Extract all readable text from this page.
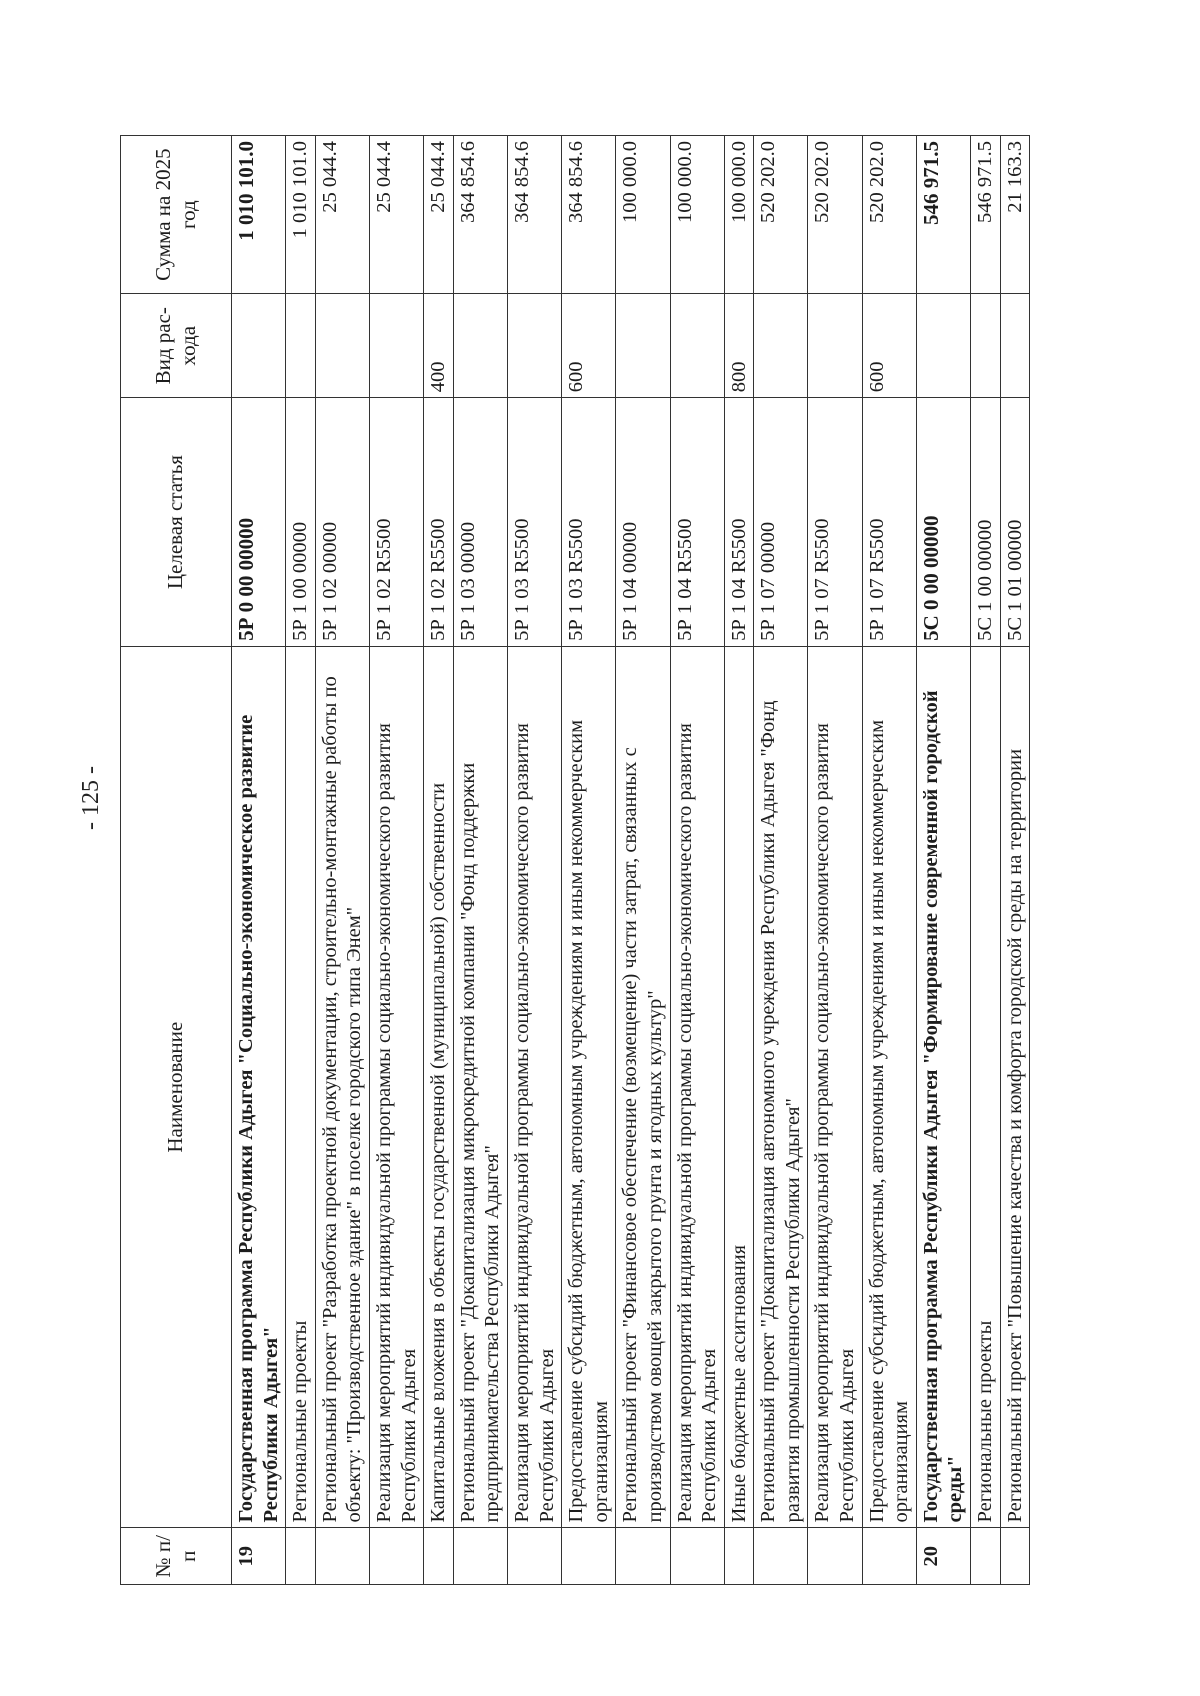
- 125 -
№ п/п	Наименование	Целевая статья	Вид рас-хода	Сумма на 2025 год
19	Государственная программа Республики Адыгея "Социально-экономическое развитие Республики Адыгея"	5Р 0 00 00000		1 010 101.0
	Региональные проекты	5Р 1 00 00000		1 010 101.0
	Региональный проект "Разработка проектной документации, строительно-монтажные работы по объекту: "Производственное здание" в поселке городского типа Энем"	5Р 1 02 00000		25 044.4
	Реализация мероприятий индивидуальной программы социально-экономического развития Республики Адыгея	5Р 1 02 R5500		25 044.4
	Капитальные вложения в объекты государственной (муниципальной) собственности	5Р 1 02 R5500	400	25 044.4
	Региональный проект "Докапитализация микрокредитной компании "Фонд поддержки предпринимательства Республики Адыгея"	5Р 1 03 00000		364 854.6
	Реализация мероприятий индивидуальной программы социально-экономического развития Республики Адыгея	5Р 1 03 R5500		364 854.6
	Предоставление субсидий бюджетным, автономным учреждениям и иным некоммерческим организациям	5Р 1 03 R5500	600	364 854.6
	Региональный проект "Финансовое обеспечение (возмещение) части затрат, связанных с производством овощей закрытого грунта и ягодных культур"	5Р 1 04 00000		100 000.0
	Реализация мероприятий индивидуальной программы социально-экономического развития Республики Адыгея	5Р 1 04 R5500		100 000.0
	Иные бюджетные ассигнования	5Р 1 04 R5500	800	100 000.0
	Региональный проект "Докапитализация автономного учреждения Республики Адыгея "Фонд развития промышленности Республики Адыгея"	5Р 1 07 00000		520 202.0
	Реализация мероприятий индивидуальной программы социально-экономического развития Республики Адыгея	5Р 1 07 R5500		520 202.0
	Предоставление субсидий бюджетным, автономным учреждениям и иным некоммерческим организациям	5Р 1 07 R5500	600	520 202.0
20	Государственная программа Республики Адыгея "Формирование современной городской среды"	5С 0 00 00000		546 971.5
	Региональные проекты	5С 1 00 00000		546 971.5
	Региональный проект "Повышение качества и комфорта городской среды на территории	5С 1 01 00000		21 163.3
